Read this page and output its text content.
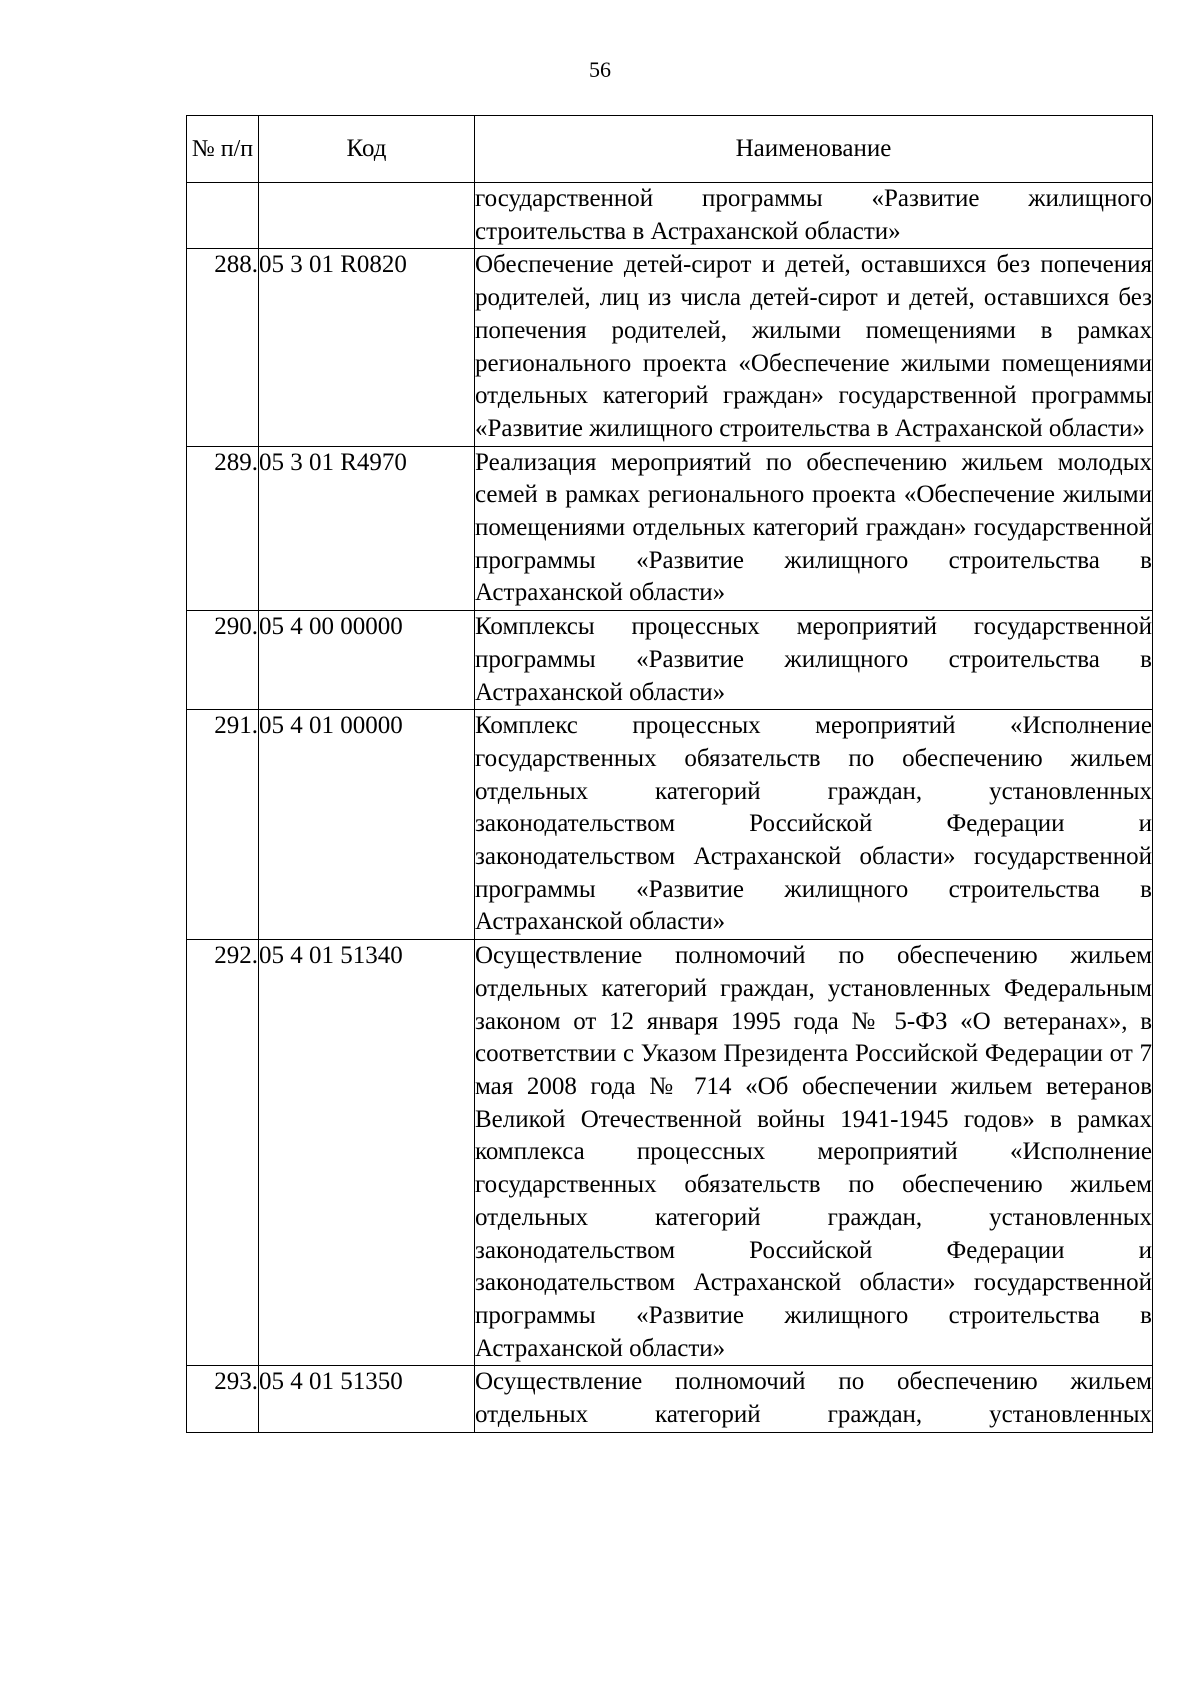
56
№ п/п	Код	Наименование
		государственной программы «Развитие жилищного строительства в Астраханской области»
288.	05 3 01 R0820	Обеспечение детей-сирот и детей, оставшихся без попечения родителей, лиц из числа детей-сирот и детей, оставшихся без попечения родителей, жилыми помещениями в рамках регионального проекта «Обеспечение жилыми помещениями отдельных категорий граждан» государственной программы «Развитие жилищного строительства в Астраханской области»
289.	05 3 01 R4970	Реализация мероприятий по обеспечению жильем молодых семей в рамках регионального проекта «Обеспечение жилыми помещениями отдельных категорий граждан» государственной программы «Развитие жилищного строительства в Астраханской области»
290.	05 4 00 00000	Комплексы процессных мероприятий государственной программы «Развитие жилищного строительства в Астраханской области»
291.	05 4 01 00000	Комплекс процессных мероприятий «Исполнение государственных обязательств по обеспечению жильем отдельных категорий граждан, установленных законодательством Российской Федерации и законодательством Астраханской области» государственной программы «Развитие жилищного строительства в Астраханской области»
292.	05 4 01 51340	Осуществление полномочий по обеспечению жильем отдельных категорий граждан, установленных Федеральным законом от 12 января 1995 года № 5-ФЗ «О ветеранах», в соответствии с Указом Президента Российской Федерации от 7 мая 2008 года № 714 «Об обеспечении жильем ветеранов Великой Отечественной войны 1941-1945 годов» в рамках комплекса процессных мероприятий «Исполнение государственных обязательств по обеспечению жильем отдельных категорий граждан, установленных законодательством Российской Федерации и законодательством Астраханской области» государственной программы «Развитие жилищного строительства в Астраханской области»
293.	05 4 01 51350	Осуществление полномочий по обеспечению жильем отдельных категорий граждан, установленных
